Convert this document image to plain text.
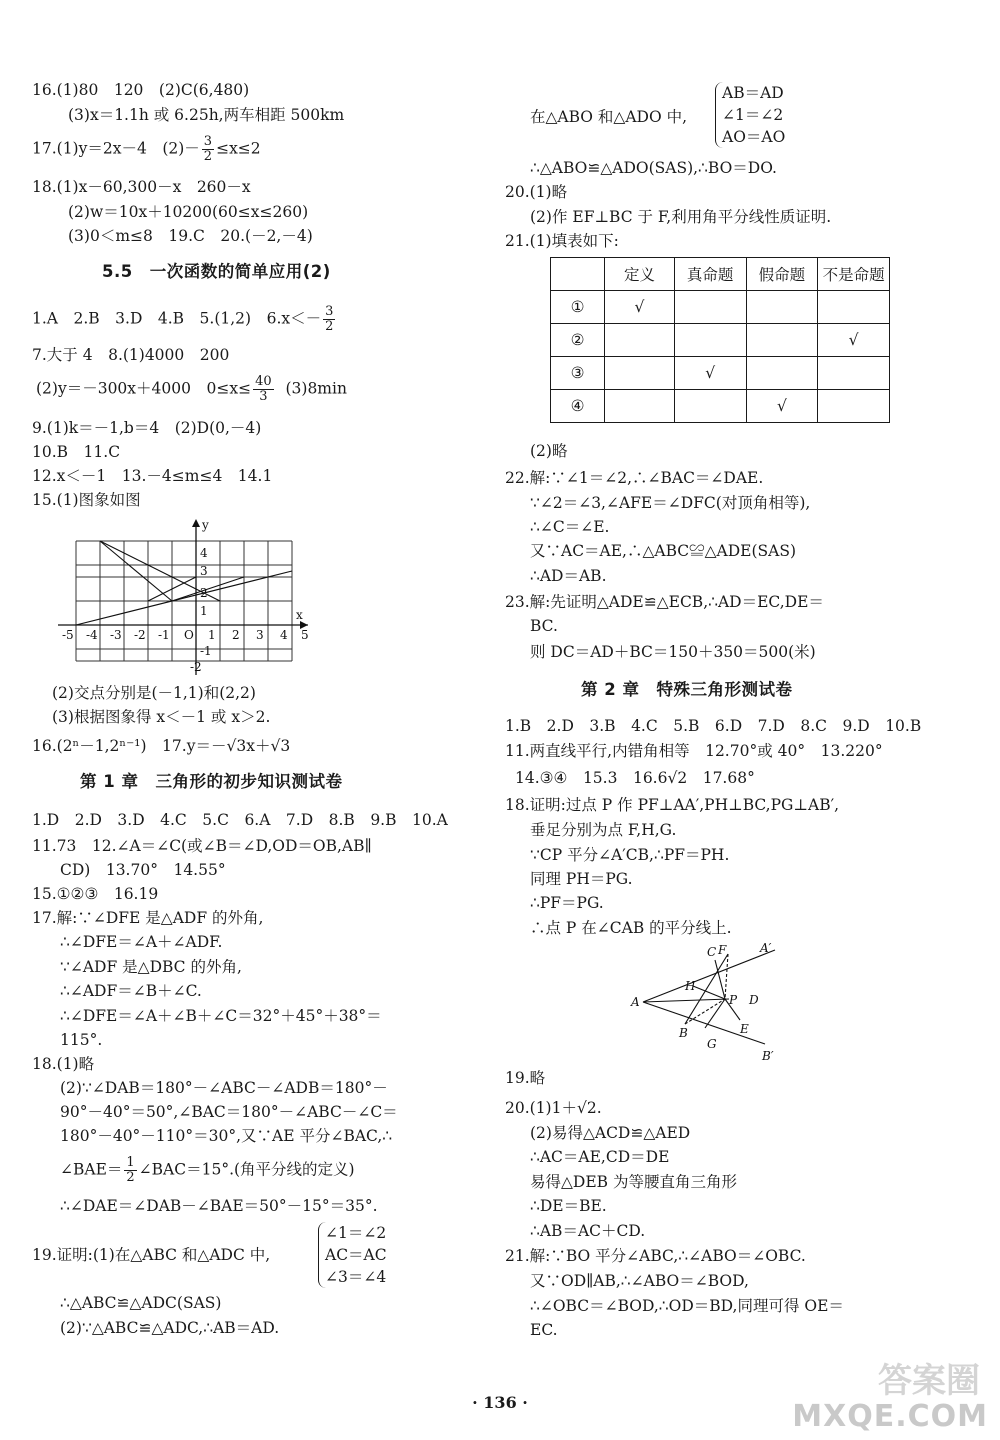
16.(1)80　120　(2)C(6,480)
(3)x＝1.1h 或 6.25h,两车相距 500km
17.(1)y＝2x－4　$(2)- \frac{3}{2} \le x\le 2$
18.(1)x－60,300－x　260－x
(2)w＝10x＋10200(60≤x≤260)
(3)0＜m≤8　19.C　20.(－2,－4)
5.5　一次函数的简单应用(2)
1.A　2.B　3.D　4.B　5.(1,2)　$6.x<- \frac{3}{2}$
7.大于 4　8.(1)4000　200
(2)y＝－300x＋4000　$0\le x\le \frac{40}{3} (3)8\min$
9.(1)k＝－1,b＝4　(2)D(0,－4)
10.B　11.C
12.x＜－1　13.－4≤m≤4　14.1
15.(1)图象如图
x
y
O
-5 -4 -3 -2 -1	1 2 3 4 5
4
3
2
1
-1
-2
(2)交点分别是(－1,1)和(2,2)
(3)根据图象得 x＜－1 或 x＞2.
16.(2ⁿ－1,2ⁿ⁻¹)　17.y＝－√3x＋√3
第 1 章　三角形的初步知识测试卷
1.D　2.D　3.D　4.C　5.C　6.A　7.D　8.B　9.B　10.A
11.73　12.∠A＝∠C(或∠B＝∠D,OD＝OB,AB∥
CD)　13.70°　14.55°
15.①②③　16.19
17.解:∵∠DFE 是△ADF 的外角,
∴∠DFE＝∠A＋∠ADF.
∵∠ADF 是△DBC 的外角,
∴∠ADF＝∠B＋∠C.
∴∠DFE＝∠A＋∠B＋∠C＝32°＋45°＋38°＝
115°.
18.(1)略
(2)∵∠DAB＝180°－∠ABC－∠ADB＝180°－
90°－40°＝50°,∠BAC＝180°－∠ABC－∠C＝
180°－40°－110°＝30°,又∵AE 平分∠BAC,∴
∠BAE＝ $\frac{1}{2}$ ∠BAC＝15°.(角平分线的定义)
∴∠DAE＝∠DAB－∠BAE＝50°－15°＝35°.
19.证明:(1)在△ABC 和△ADC 中,
∠1＝∠2
AC＝AC
∠3＝∠4
∴△ABC≌△ADC(SAS)
(2)∵△ABC≌△ADC,∴AB＝AD.
在△ABO 和△ADO 中,
AB＝AD
∠1＝∠2
AO＝AO
∴△ABO≌△ADO(SAS),∴BO＝DO.
20.(1)略
(2)作 EF⊥BC 于 F,利用角平分线性质证明.
21.(1)填表如下:
	定义	真命题	假命题	不是命题
①	√			
②				√
③		√		
④			√	
(2)略
22.解:∵∠1＝∠2,∴∠BAC＝∠DAE.
∵∠2＝∠3,∠AFE＝∠DFC(对顶角相等),
∴∠C＝∠E.
又∵AC＝AE,∴△ABC≌△ADE(SAS)
∴AD＝AB.
23.解:先证明△ADE≌△ECB,∴AD＝EC,DE＝
BC.
则 DC＝AD＋BC＝150＋350＝500(米)
第 2 章　特殊三角形测试卷
1.B　2.D　3.B　4.C　5.B　6.D　7.D　8.C　9.D　10.B
11.两直线平行,内错角相等　12.70°或 40°　13.220°
14.③④　15.3　16.6√2　17.68°
18.证明:过点 P 作 PF⊥AA′,PH⊥BC,PG⊥AB′,
垂足分别为点 F,H,G.
∵CP 平分∠A′CB,∴PF＝PH.
同理 PH＝PG.
∴PF＝PG.
∴点 P 在∠CAB 的平分线上.
A
B
C
D
E
F
G
H
P
A′
B′
19.略
20.(1)1＋√2.
(2)易得△ACD≌△AED
∴AC＝AE,CD＝DE
易得△DEB 为等腰直角三角形
∴DE＝BE.
∴AB＝AC＋CD.
21.解:∵BO 平分∠ABC,∴∠ABO＝∠OBC.
又∵OD∥AB,∴∠ABO＝∠BOD,
∴∠OBC＝∠BOD,∴OD＝BD,同理可得 OE＝
EC.
· 136 ·
答案圈
MXQE.COM
